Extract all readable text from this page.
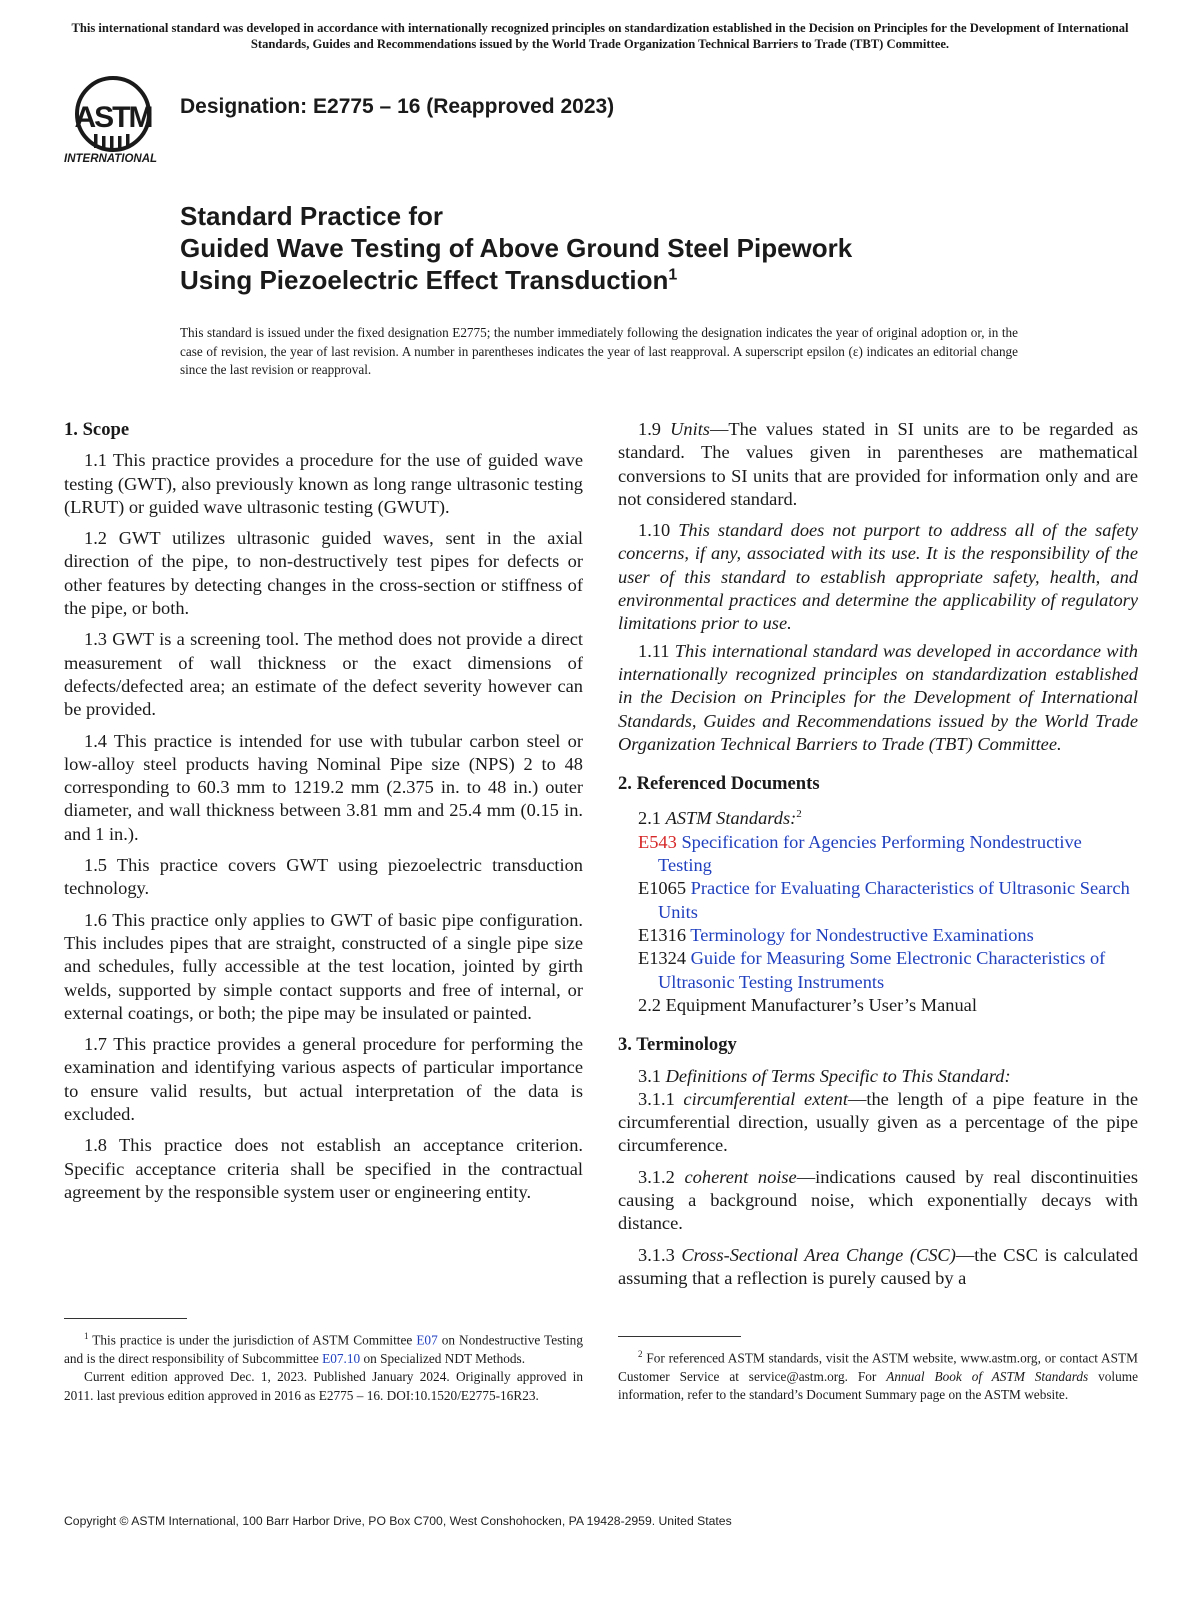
This international standard was developed in accordance with internationally recognized principles on standardization established in the Decision on Principles for the Development of International Standards, Guides and Recommendations issued by the World Trade Organization Technical Barriers to Trade (TBT) Committee.
ASTM
INTERNATIONAL
Designation: E2775 – 16 (Reapproved 2023)
Standard Practice for
Guided Wave Testing of Above Ground Steel Pipework
Using Piezoelectric Effect Transduction$^1$
This standard is issued under the fixed designation E2775; the number immediately following the designation indicates the year of original adoption or, in the case of revision, the year of last revision. A number in parentheses indicates the year of last reapproval. A superscript epsilon (ε) indicates an editorial change since the last revision or reapproval.

1. Scope

1.1 This practice provides a procedure for the use of guided wave testing (GWT), also previously known as long range ultrasonic testing (LRUT) or guided wave ultrasonic testing (GWUT).

1.2 GWT utilizes ultrasonic guided waves, sent in the axial direction of the pipe, to non-destructively test pipes for defects or other features by detecting changes in the cross-section or stiffness of the pipe, or both.

1.3 GWT is a screening tool. The method does not provide a direct measurement of wall thickness or the exact dimensions of defects/defected area; an estimate of the defect severity however can be provided.

1.4 This practice is intended for use with tubular carbon steel or low-alloy steel products having Nominal Pipe size (NPS) 2 to 48 corresponding to 60.3 mm to 1219.2 mm (2.375 in. to 48 in.) outer diameter, and wall thickness between 3.81 mm and 25.4 mm (0.15 in. and 1 in.).

1.5 This practice covers GWT using piezoelectric transduction technology.

1.6 This practice only applies to GWT of basic pipe configuration. This includes pipes that are straight, constructed of a single pipe size and schedules, fully accessible at the test location, jointed by girth welds, supported by simple contact supports and free of internal, or external coatings, or both; the pipe may be insulated or painted.

1.7 This practice provides a general procedure for performing the examination and identifying various aspects of particular importance to ensure valid results, but actual interpretation of the data is excluded.

1.8 This practice does not establish an acceptance criterion. Specific acceptance criteria shall be specified in the contractual agreement by the responsible system user or engineering entity.

1.9 Units—The values stated in SI units are to be regarded as standard. The values given in parentheses are mathematical conversions to SI units that are provided for information only and are not considered standard.

1.10 This standard does not purport to address all of the safety concerns, if any, associated with its use. It is the responsibility of the user of this standard to establish appropriate safety, health, and environmental practices and determine the applicability of regulatory limitations prior to use.

1.11 This international standard was developed in accordance with internationally recognized principles on standardization established in the Decision on Principles for the Development of International Standards, Guides and Recommendations issued by the World Trade Organization Technical Barriers to Trade (TBT) Committee.

2. Referenced Documents

2.1 ASTM Standards:$^2$

E543 Specification for Agencies Performing Nondestructive Testing
E1065 Practice for Evaluating Characteristics of Ultrasonic Search Units
E1316 Terminology for Nondestructive Examinations
E1324 Guide for Measuring Some Electronic Characteristics of Ultrasonic Testing Instruments
2.2 Equipment Manufacturer’s User’s Manual

3. Terminology

3.1 Definitions of Terms Specific to This Standard:

3.1.1 circumferential extent—the length of a pipe feature in the circumferential direction, usually given as a percentage of the pipe circumference.

3.1.2 coherent noise—indications caused by real discontinuities causing a background noise, which exponentially decays with distance.

3.1.3 Cross-Sectional Area Change (CSC)—the CSC is calculated assuming that a reflection is purely caused by a

$^1$ This practice is under the jurisdiction of ASTM Committee E07 on Nondestructive Testing and is the direct responsibility of Subcommittee E07.10 on Specialized NDT Methods.

Current edition approved Dec. 1, 2023. Published January 2024. Originally approved in 2011. last previous edition approved in 2016 as E2775 – 16. DOI:10.1520/E2775-16R23.

$^2$ For referenced ASTM standards, visit the ASTM website, www.astm.org, or contact ASTM Customer Service at service@astm.org. For Annual Book of ASTM Standards volume information, refer to the standard’s Document Summary page on the ASTM website.

Copyright © ASTM International, 100 Barr Harbor Drive, PO Box C700, West Conshohocken, PA 19428-2959. United States
